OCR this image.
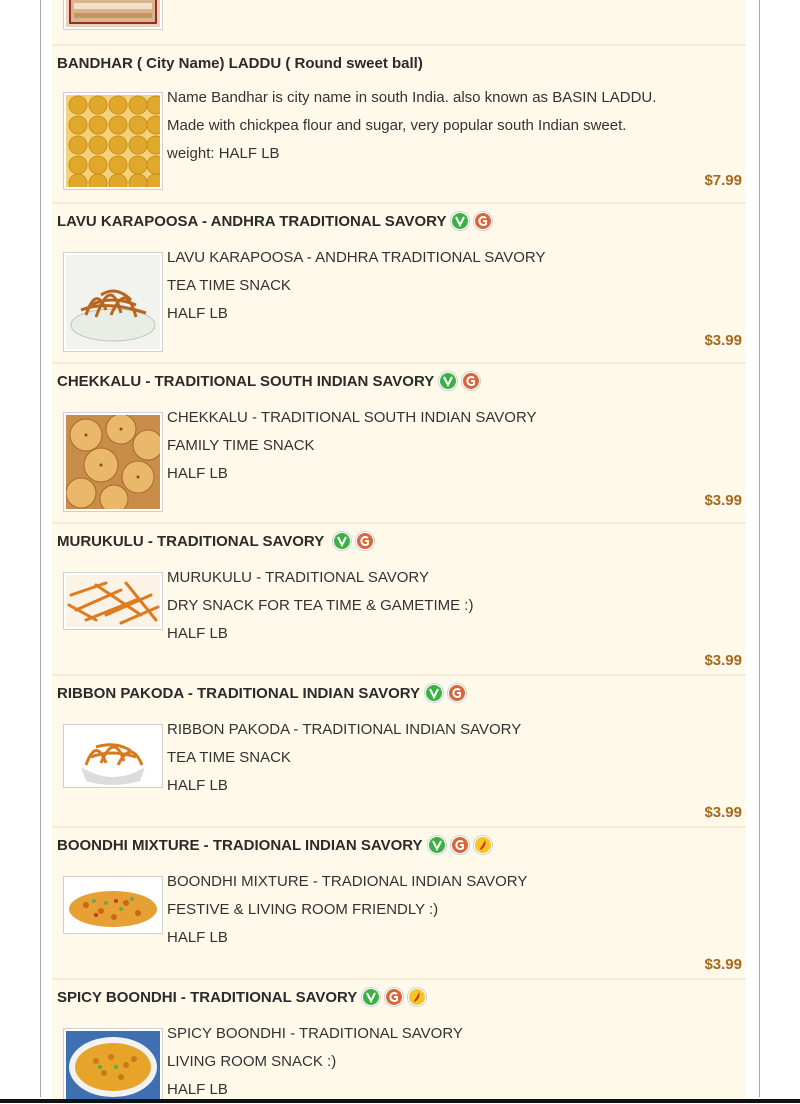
BANDHAR ( City Name) LADDU ( Round sweet ball)
Name Bandhar is city name in south India. also known as BASIN LADDU.
Made with chickpea flour and sugar, very popular south Indian sweet.
weight: HALF LB
$7.99
LAVU KARAPOOSA - ANDHRA TRADITIONAL SAVORY
LAVU KARAPOOSA - ANDHRA TRADITIONAL SAVORY
TEA TIME SNACK
HALF LB
$3.99
CHEKKALU - TRADITIONAL SOUTH INDIAN SAVORY
CHEKKALU - TRADITIONAL SOUTH INDIAN SAVORY
FAMILY TIME SNACK
HALF LB
$3.99
MURUKULU - TRADITIONAL SAVORY
MURUKULU - TRADITIONAL SAVORY
DRY SNACK FOR TEA TIME & GAMETIME :)
HALF LB
$3.99
RIBBON PAKODA - TRADITIONAL INDIAN SAVORY
RIBBON PAKODA - TRADITIONAL INDIAN SAVORY
TEA TIME SNACK
HALF LB
$3.99
BOONDHI MIXTURE - TRADIONAL INDIAN SAVORY
BOONDHI MIXTURE - TRADIONAL INDIAN SAVORY
FESTIVE & LIVING ROOM FRIENDLY :)
HALF LB
$3.99
SPICY BOONDHI - TRADITIONAL SAVORY
SPICY BOONDHI - TRADITIONAL SAVORY
LIVING ROOM SNACK :)
HALF LB
